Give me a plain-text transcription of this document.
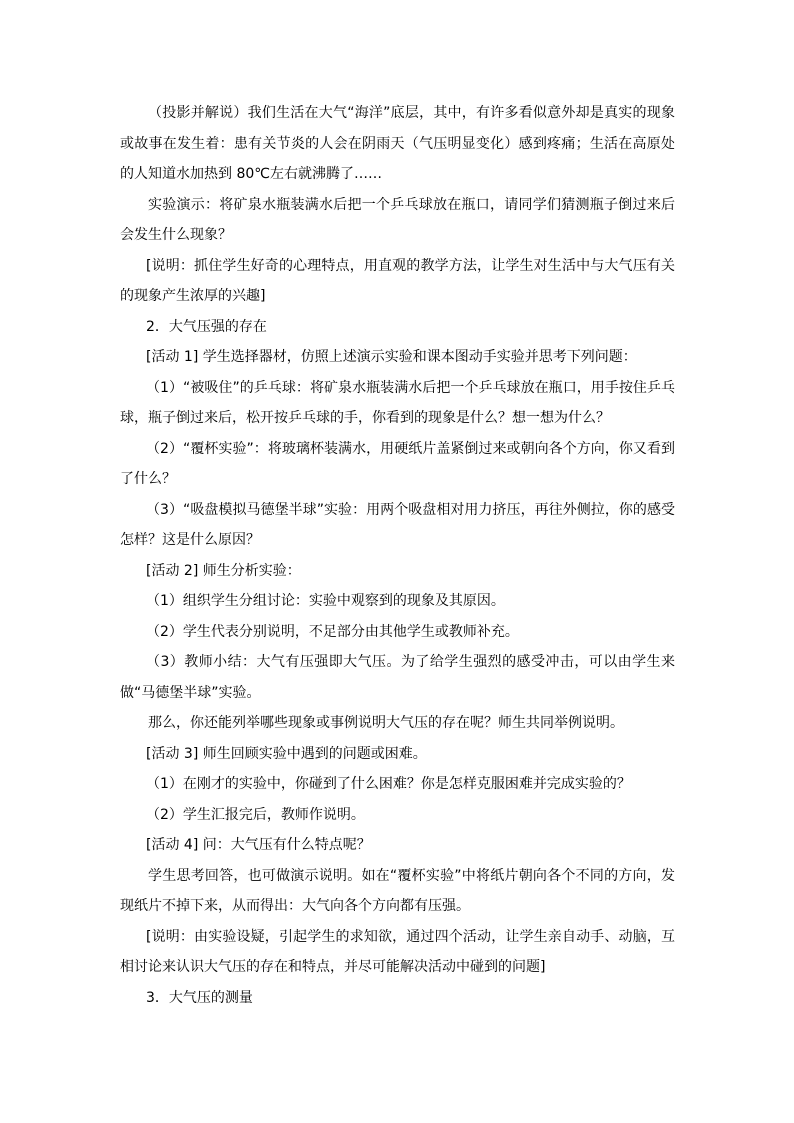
（投影并解说）我们生活在大气“海洋”底层，其中，有许多看似意外却是真实的现象或故事在发生着：患有关节炎的人会在阴雨天（气压明显变化）感到疼痛；生活在高原处的人知道水加热到 80℃左右就沸腾了……

实验演示：将矿泉水瓶装满水后把一个乒乓球放在瓶口，请同学们猜测瓶子倒过来后会发生什么现象？

[说明：抓住学生好奇的心理特点，用直观的教学方法，让学生对生活中与大气压有关的现象产生浓厚的兴趣]

2．大气压强的存在

[活动 1] 学生选择器材，仿照上述演示实验和课本图动手实验并思考下列问题：

（1）“被吸住”的乒乓球：将矿泉水瓶装满水后把一个乒乓球放在瓶口，用手按住乒乓球，瓶子倒过来后，松开按乒乓球的手，你看到的现象是什么？想一想为什么？

（2）“覆杯实验”：将玻璃杯装满水，用硬纸片盖紧倒过来或朝向各个方向，你又看到了什么？

（3）“吸盘模拟马德堡半球”实验：用两个吸盘相对用力挤压，再往外侧拉，你的感受怎样？这是什么原因？

[活动 2] 师生分析实验：

（1）组织学生分组讨论：实验中观察到的现象及其原因。

（2）学生代表分别说明，不足部分由其他学生或教师补充。

（3）教师小结：大气有压强即大气压。为了给学生强烈的感受冲击，可以由学生来做“马德堡半球”实验。

那么，你还能列举哪些现象或事例说明大气压的存在呢？师生共同举例说明。

[活动 3] 师生回顾实验中遇到的问题或困难。

（1）在刚才的实验中，你碰到了什么困难？你是怎样克服困难并完成实验的？

（2）学生汇报完后，教师作说明。

[活动 4] 问：大气压有什么特点呢？

学生思考回答，也可做演示说明。如在“覆杯实验”中将纸片朝向各个不同的方向，发现纸片不掉下来，从而得出：大气向各个方向都有压强。

[说明：由实验设疑，引起学生的求知欲，通过四个活动，让学生亲自动手、动脑，互相讨论来认识大气压的存在和特点，并尽可能解决活动中碰到的问题]

3．大气压的测量
